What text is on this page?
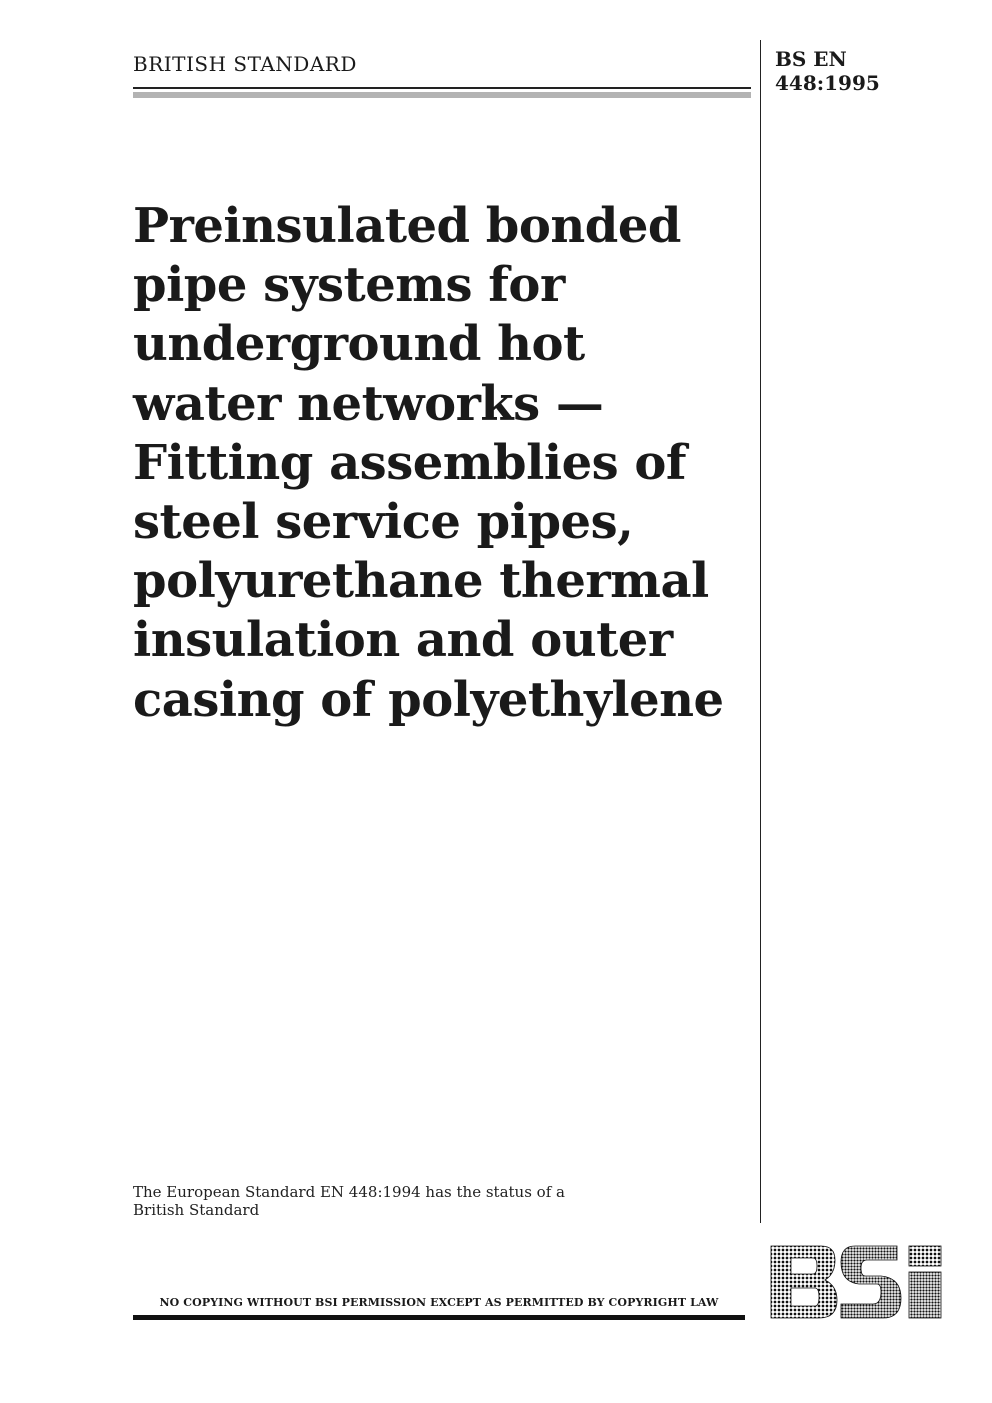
BRITISH STANDARD	BS EN
448:1995
Preinsulated bonded
pipe systems for
underground hot
water networks —
Fitting assemblies of
steel service pipes,
polyurethane thermal
insulation and outer
casing of polyethylene
The European Standard EN 448:1994 has the status of a
British Standard
NO COPYING WITHOUT BSI PERMISSION EXCEPT AS PERMITTED BY COPYRIGHT LAW
